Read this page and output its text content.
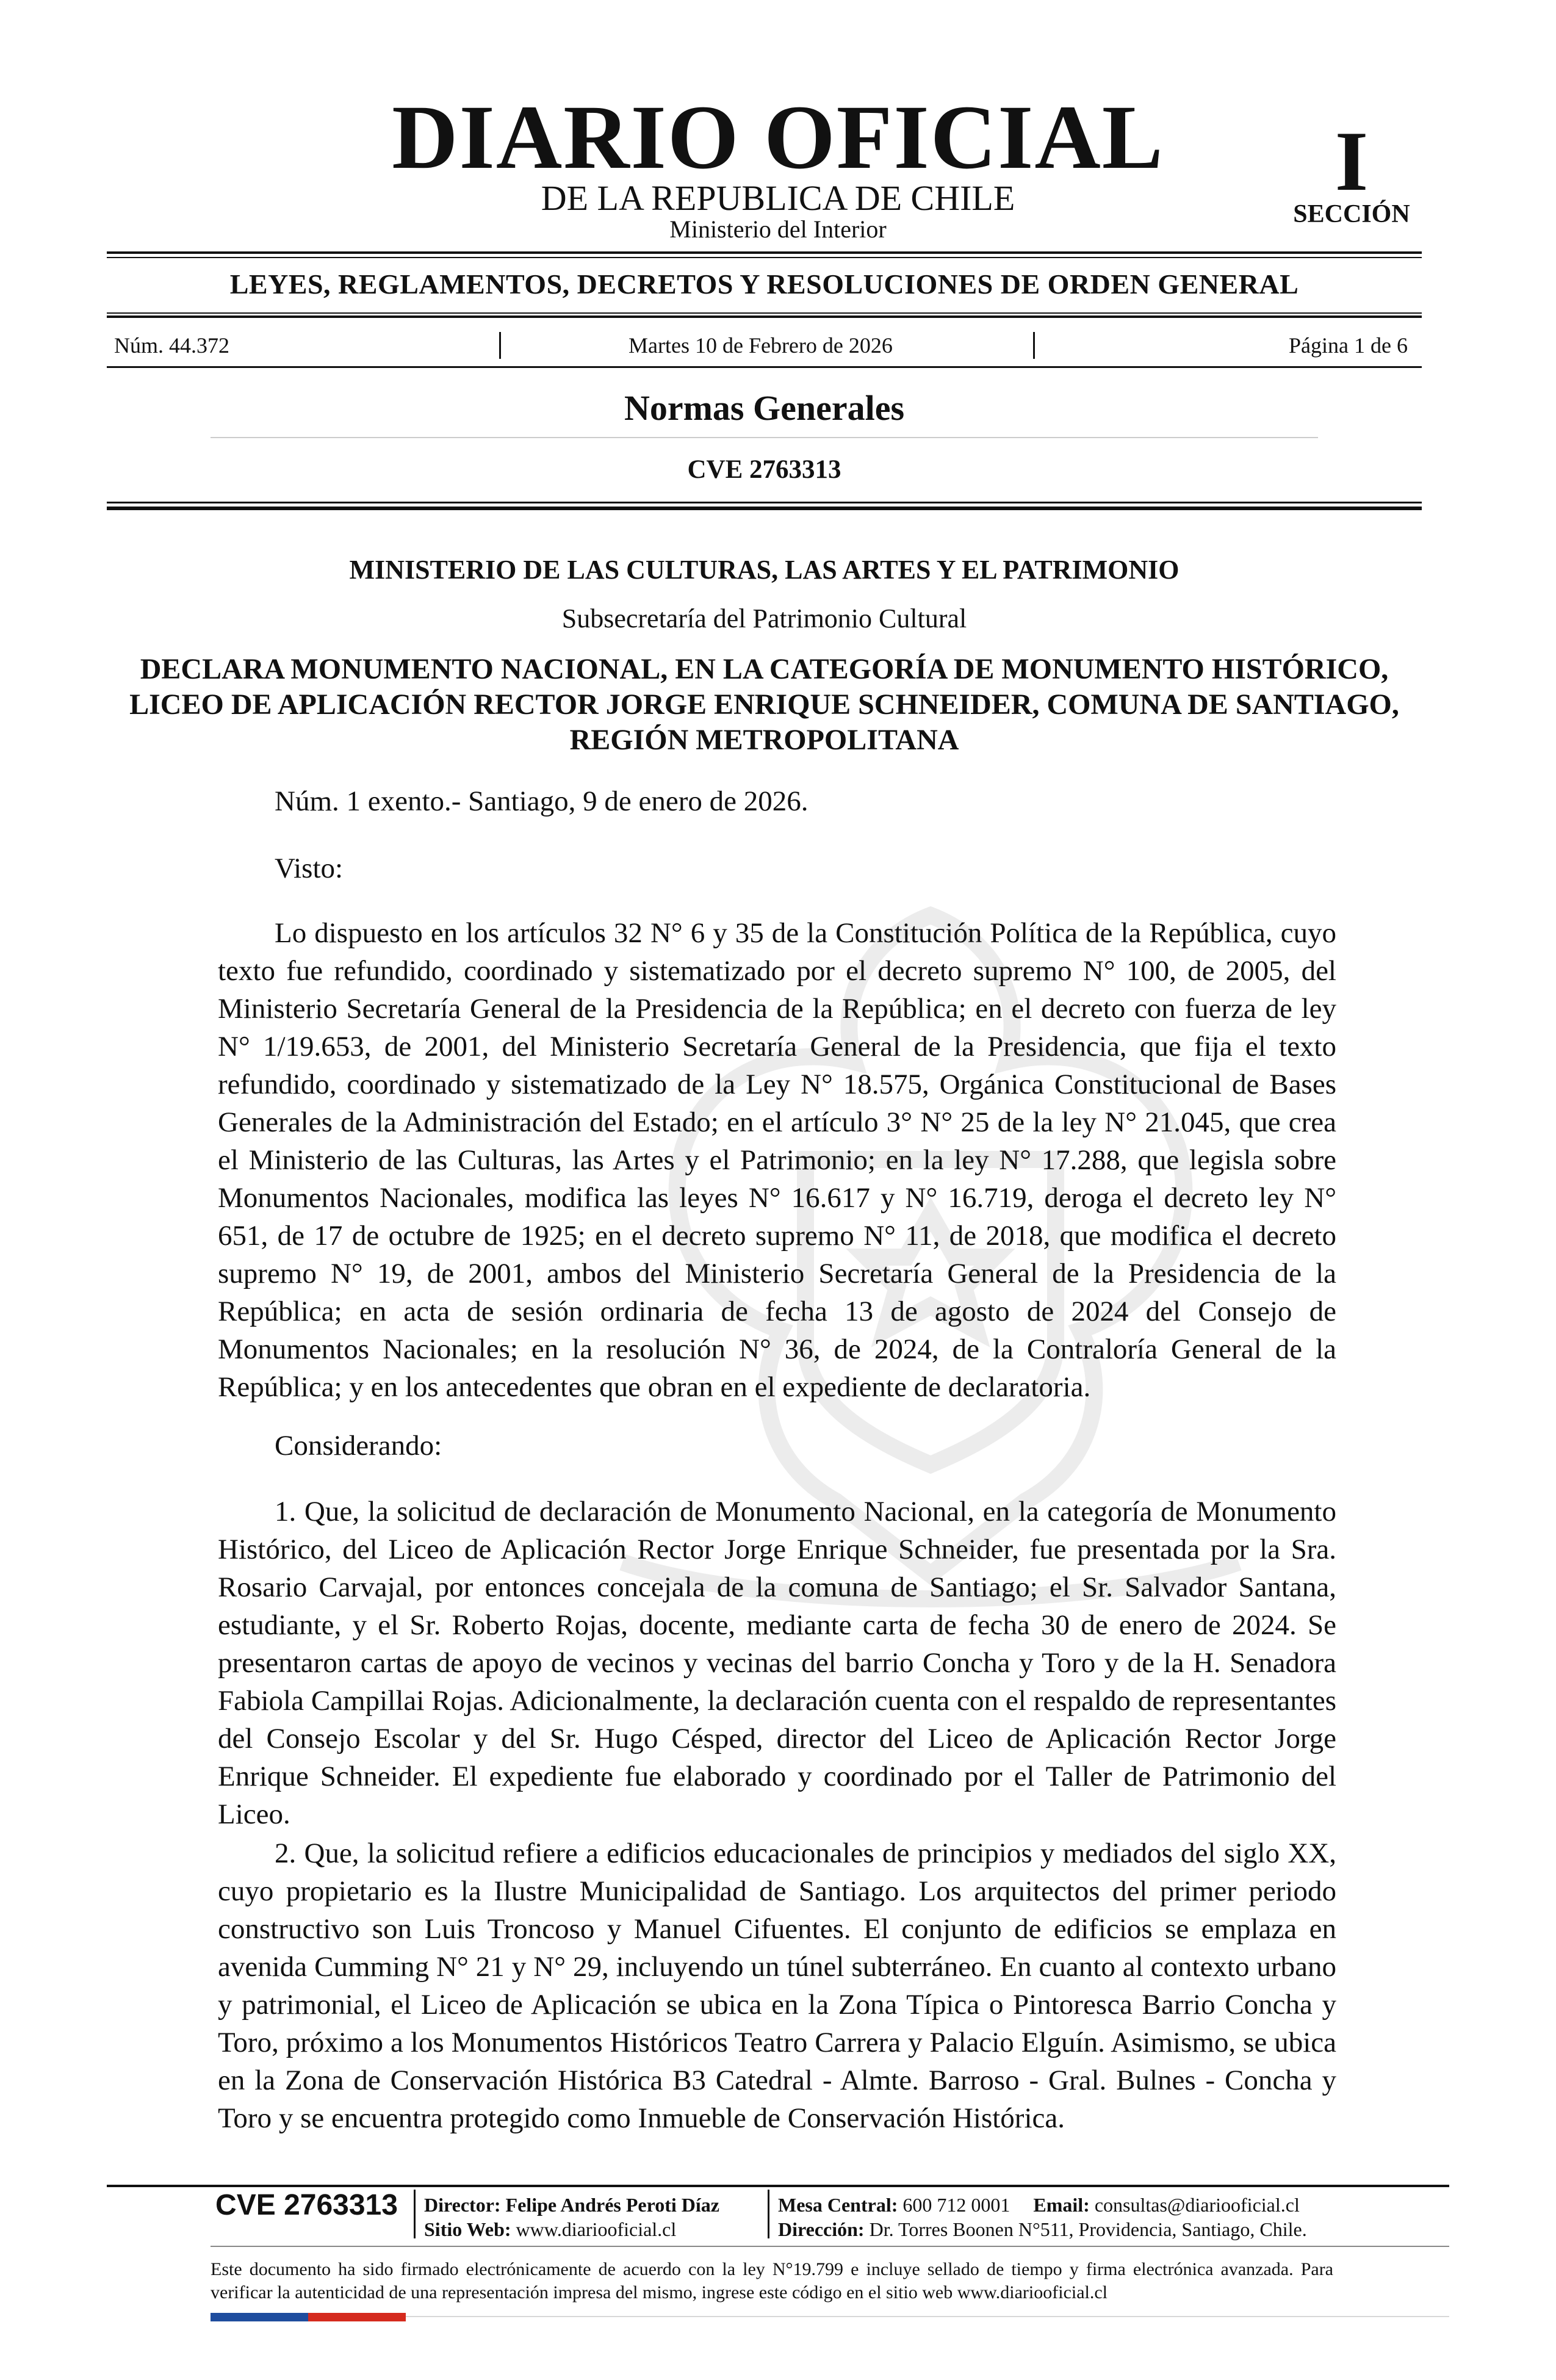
DIARIO OFICIAL
DE LA REPUBLICA DE CHILE
Ministerio del Interior
I
SECCIÓN
LEYES, REGLAMENTOS, DECRETOS Y RESOLUCIONES DE ORDEN GENERAL
Núm. 44.372	Martes 10 de Febrero de 2026	Página 1 de 6
Normas Generales
CVE 2763313
MINISTERIO DE LAS CULTURAS, LAS ARTES Y EL PATRIMONIO
Subsecretaría del Patrimonio Cultural
DECLARA MONUMENTO NACIONAL, EN LA CATEGORÍA DE MONUMENTO HISTÓRICO, LICEO DE APLICACIÓN RECTOR JORGE ENRIQUE SCHNEIDER, COMUNA DE SANTIAGO, REGIÓN METROPOLITANA
Núm. 1 exento.- Santiago, 9 de enero de 2026.
Visto:

Lo dispuesto en los artículos 32 N° 6 y 35 de la Constitución Política de la República, cuyo texto fue refundido, coordinado y sistematizado por el decreto supremo N° 100, de 2005, del Ministerio Secretaría General de la Presidencia de la República; en el decreto con fuerza de ley N° 1/19.653, de 2001, del Ministerio Secretaría General de la Presidencia, que fija el texto refundido, coordinado y sistematizado de la Ley N° 18.575, Orgánica Constitucional de Bases Generales de la Administración del Estado; en el artículo 3° N° 25 de la ley N° 21.045, que crea el Ministerio de las Culturas, las Artes y el Patrimonio; en la ley N° 17.288, que legisla sobre Monumentos Nacionales, modifica las leyes N° 16.617 y N° 16.719, deroga el decreto ley N° 651, de 17 de octubre de 1925; en el decreto supremo N° 11, de 2018, que modifica el decreto supremo N° 19, de 2001, ambos del Ministerio Secretaría General de la Presidencia de la República; en acta de sesión ordinaria de fecha 13 de agosto de 2024 del Consejo de Monumentos Nacionales; en la resolución N° 36, de 2024, de la Contraloría General de la República; y en los antecedentes que obran en el expediente de declaratoria.

Considerando:

1. Que, la solicitud de declaración de Monumento Nacional, en la categoría de Monumento Histórico, del Liceo de Aplicación Rector Jorge Enrique Schneider, fue presentada por la Sra. Rosario Carvajal, por entonces concejala de la comuna de Santiago; el Sr. Salvador Santana, estudiante, y el Sr. Roberto Rojas, docente, mediante carta de fecha 30 de enero de 2024. Se presentaron cartas de apoyo de vecinos y vecinas del barrio Concha y Toro y de la H. Senadora Fabiola Campillai Rojas. Adicionalmente, la declaración cuenta con el respaldo de representantes del Consejo Escolar y del Sr. Hugo Césped, director del Liceo de Aplicación Rector Jorge Enrique Schneider. El expediente fue elaborado y coordinado por el Taller de Patrimonio del Liceo.

2. Que, la solicitud refiere a edificios educacionales de principios y mediados del siglo XX, cuyo propietario es la Ilustre Municipalidad de Santiago. Los arquitectos del primer periodo constructivo son Luis Troncoso y Manuel Cifuentes. El conjunto de edificios se emplaza en avenida Cumming N° 21 y N° 29, incluyendo un túnel subterráneo. En cuanto al contexto urbano y patrimonial, el Liceo de Aplicación se ubica en la Zona Típica o Pintoresca Barrio Concha y Toro, próximo a los Monumentos Históricos Teatro Carrera y Palacio Elguín. Asimismo, se ubica en la Zona de Conservación Histórica B3 Catedral - Almte. Barroso - Gral. Bulnes - Concha y Toro y se encuentra protegido como Inmueble de Conservación Histórica.

CVE 2763313 Director: Felipe Andrés Peroti Díaz
Sitio Web: www.diariooficial.cl
Mesa Central: 600 712 0001 Email: consultas@diariooficial.cl
Dirección: Dr. Torres Boonen N°511, Providencia, Santiago, Chile.

Este documento ha sido firmado electrónicamente de acuerdo con la ley N°19.799 e incluye sellado de tiempo y firma electrónica avanzada. Para verificar la autenticidad de una representación impresa del mismo, ingrese este código en el sitio web www.diariooficial.cl
